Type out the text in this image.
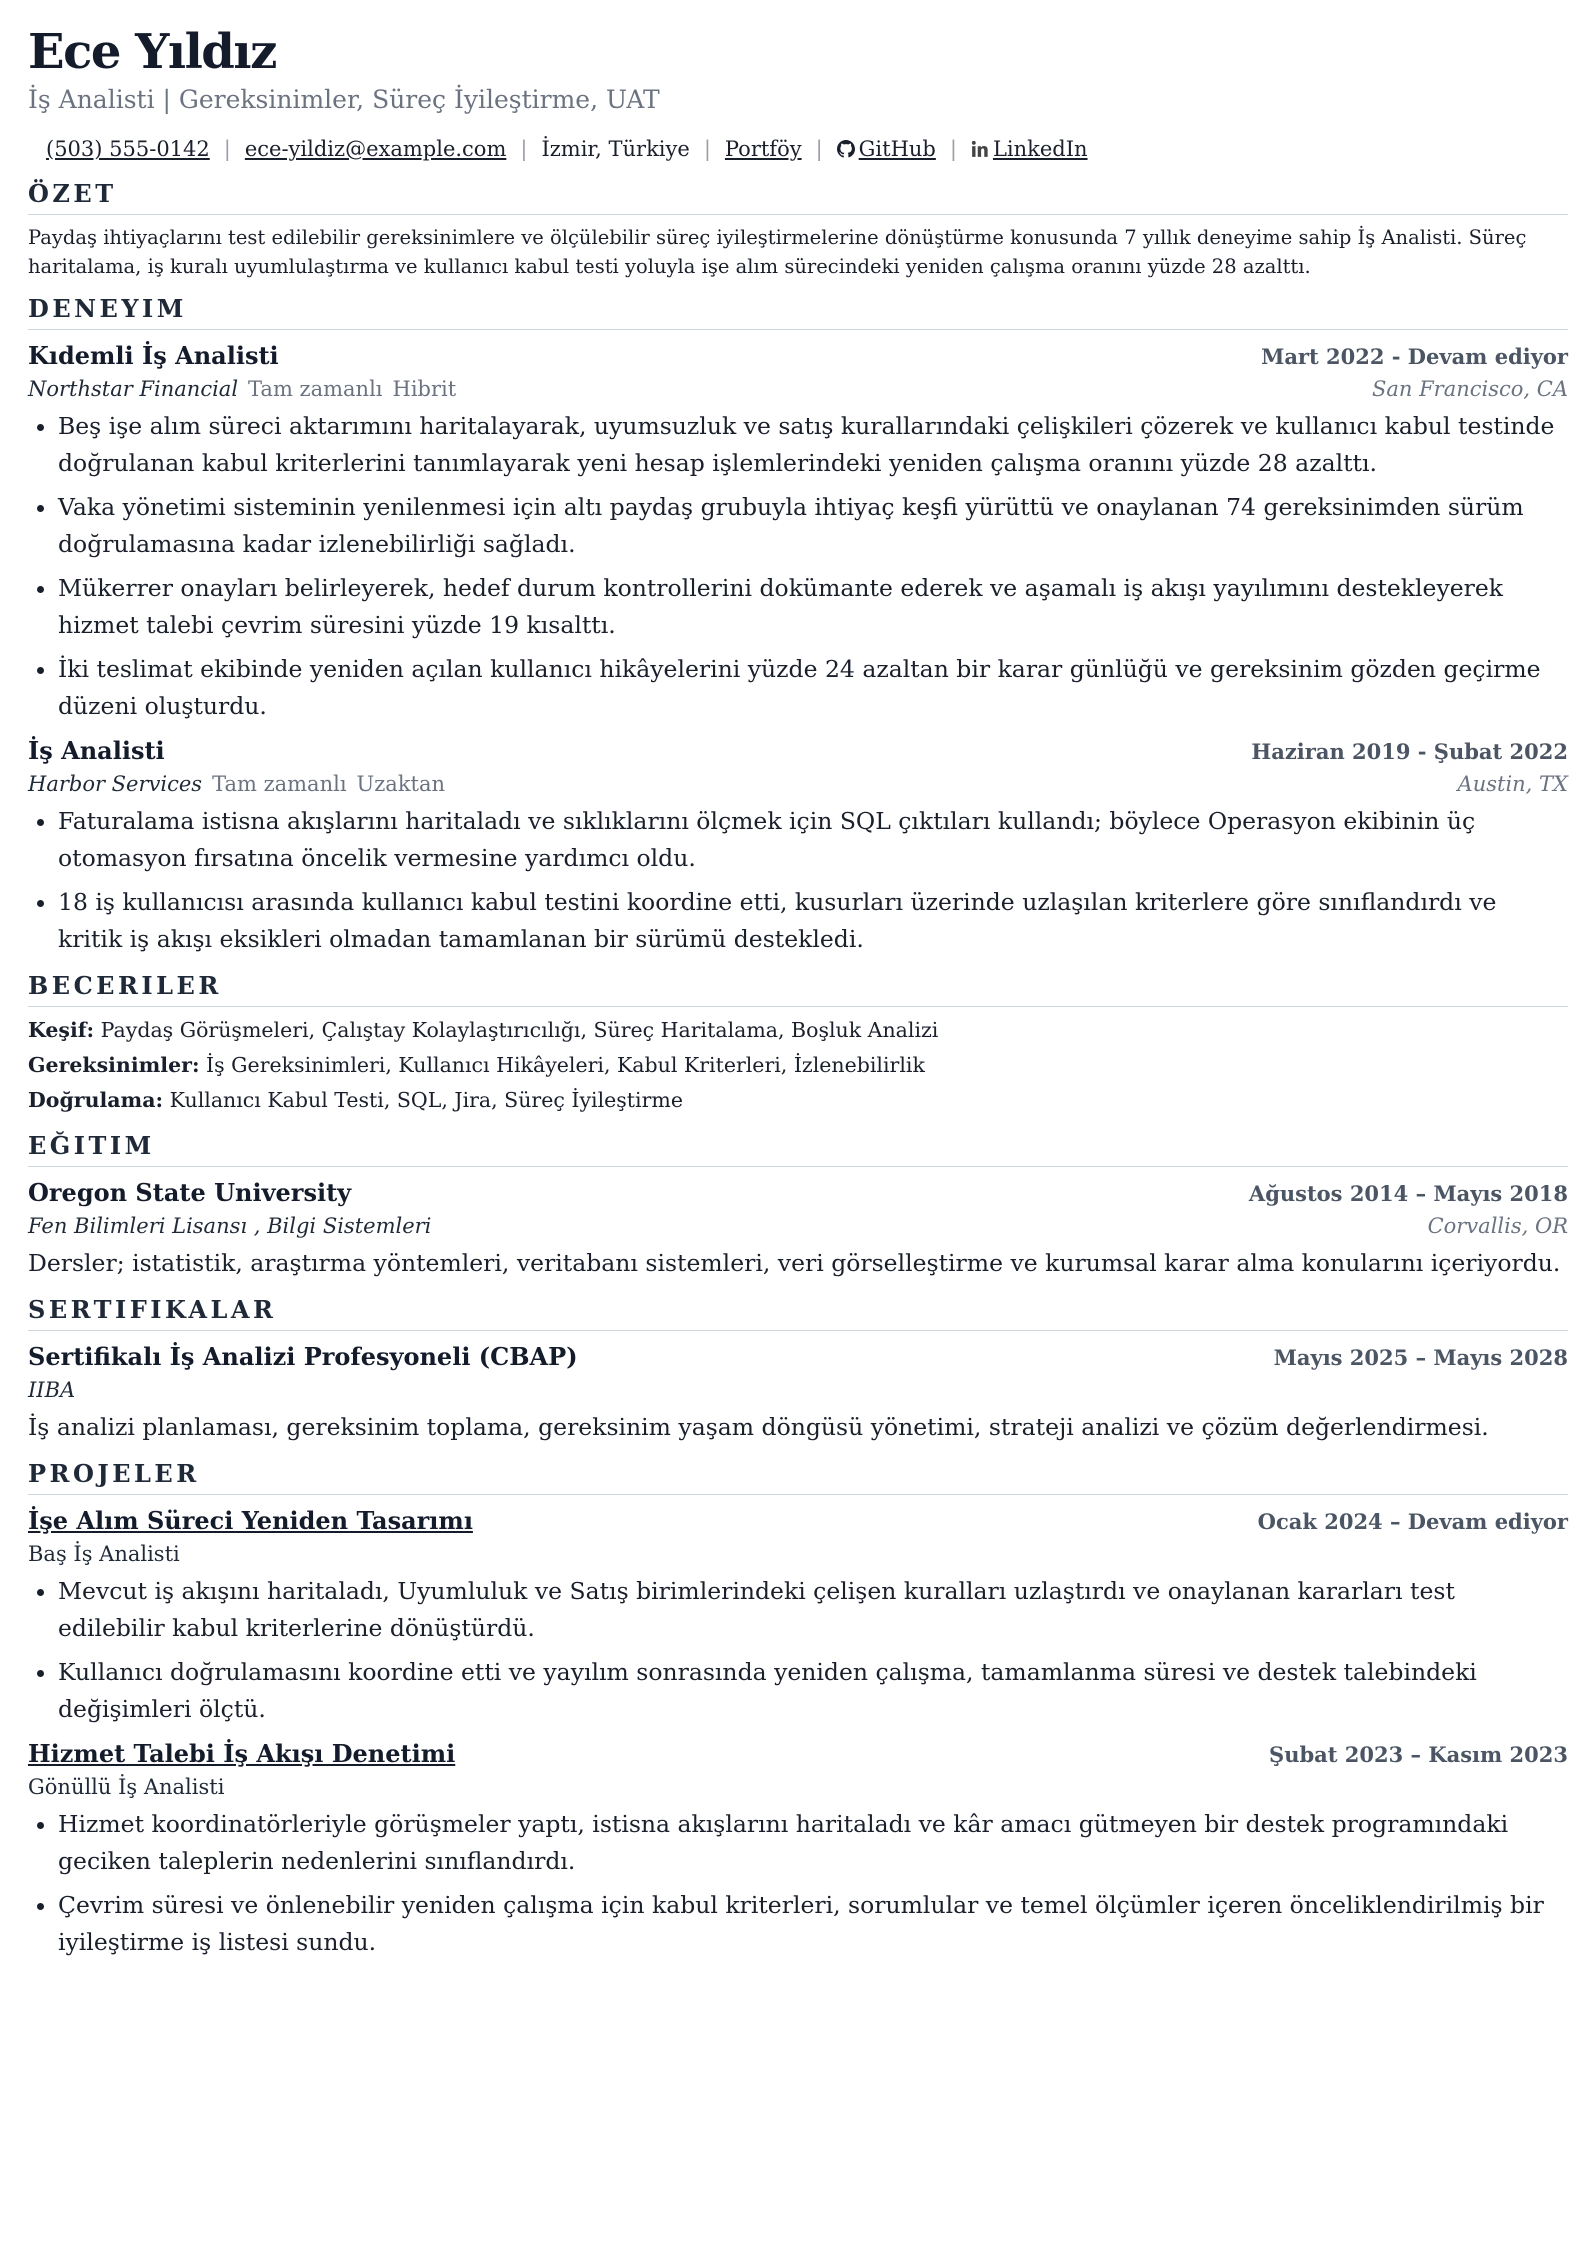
Ece Yıldız
İş Analisti | Gereksinimler, Süreç İyileştirme, UAT
(503) 555-0142 | ece-yildiz@example.com | İzmir, Türkiye | Portföy |	GitHub |	LinkedIn
ÖZET
Paydaş ihtiyaçlarını test edilebilir gereksinimlere ve ölçülebilir süreç iyileştirmelerine dönüştürme konusunda 7 yıllık deneyime sahip İş Analisti. Süreç haritalama, iş kuralı uyumlulaştırma ve kullanıcı kabul testi yoluyla işe alım sürecindeki yeniden çalışma oranını yüzde 28 azalttı.
DENEYIM
Kıdemli İş Analisti	Mart 2022 - Devam ediyor
Northstar Financial Tam zamanlı Hibrit	San Francisco, CA
• Beş işe alım süreci aktarımını haritalayarak, uyumsuzluk ve satış kurallarındaki çelişkileri çözerek ve kullanıcı kabul testinde doğrulanan kabul kriterlerini tanımlayarak yeni hesap işlemlerindeki yeniden çalışma oranını yüzde 28 azalttı.
• Vaka yönetimi sisteminin yenilenmesi için altı paydaş grubuyla ihtiyaç keşfi yürüttü ve onaylanan 74 gereksinimden sürüm doğrulamasına kadar izlenebilirliği sağladı.
• Mükerrer onayları belirleyerek, hedef durum kontrollerini dokümante ederek ve aşamalı iş akışı yayılımını destekleyerek hizmet talebi çevrim süresini yüzde 19 kısalttı.
• İki teslimat ekibinde yeniden açılan kullanıcı hikâyelerini yüzde 24 azaltan bir karar günlüğü ve gereksinim gözden geçirme düzeni oluşturdu.
İş Analisti	Haziran 2019 - Şubat 2022
Harbor Services Tam zamanlı Uzaktan	Austin, TX
• Faturalama istisna akışlarını haritaladı ve sıklıklarını ölçmek için SQL çıktıları kullandı; böylece Operasyon ekibinin üç otomasyon fırsatına öncelik vermesine yardımcı oldu.
• 18 iş kullanıcısı arasında kullanıcı kabul testini koordine etti, kusurları üzerinde uzlaşılan kriterlere göre sınıflandırdı ve kritik iş akışı eksikleri olmadan tamamlanan bir sürümü destekledi.
BECERILER
Keşif: Paydaş Görüşmeleri, Çalıştay Kolaylaştırıcılığı, Süreç Haritalama, Boşluk Analizi
Gereksinimler: İş Gereksinimleri, Kullanıcı Hikâyeleri, Kabul Kriterleri, İzlenebilirlik
Doğrulama: Kullanıcı Kabul Testi, SQL, Jira, Süreç İyileştirme
EĞITIM
Oregon State University	Ağustos 2014 – Mayıs 2018
Fen Bilimleri Lisansı , Bilgi Sistemleri	Corvallis, OR
Dersler; istatistik, araştırma yöntemleri, veritabanı sistemleri, veri görselleştirme ve kurumsal karar alma konularını içeriyordu.
SERTIFIKALAR
Sertifikalı İş Analizi Profesyoneli (CBAP)	Mayıs 2025 – Mayıs 2028
IIBA
İş analizi planlaması, gereksinim toplama, gereksinim yaşam döngüsü yönetimi, strateji analizi ve çözüm değerlendirmesi.
PROJELER
İşe Alım Süreci Yeniden Tasarımı	Ocak 2024 – Devam ediyor
Baş İş Analisti
• Mevcut iş akışını haritaladı, Uyumluluk ve Satış birimlerindeki çelişen kuralları uzlaştırdı ve onaylanan kararları test edilebilir kabul kriterlerine dönüştürdü.
• Kullanıcı doğrulamasını koordine etti ve yayılım sonrasında yeniden çalışma, tamamlanma süresi ve destek talebindeki değişimleri ölçtü.
Hizmet Talebi İş Akışı Denetimi	Şubat 2023 – Kasım 2023
Gönüllü İş Analisti
• Hizmet koordinatörleriyle görüşmeler yaptı, istisna akışlarını haritaladı ve kâr amacı gütmeyen bir destek programındaki geciken taleplerin nedenlerini sınıflandırdı.
• Çevrim süresi ve önlenebilir yeniden çalışma için kabul kriterleri, sorumlular ve temel ölçümler içeren önceliklendirilmiş bir iyileştirme iş listesi sundu.
